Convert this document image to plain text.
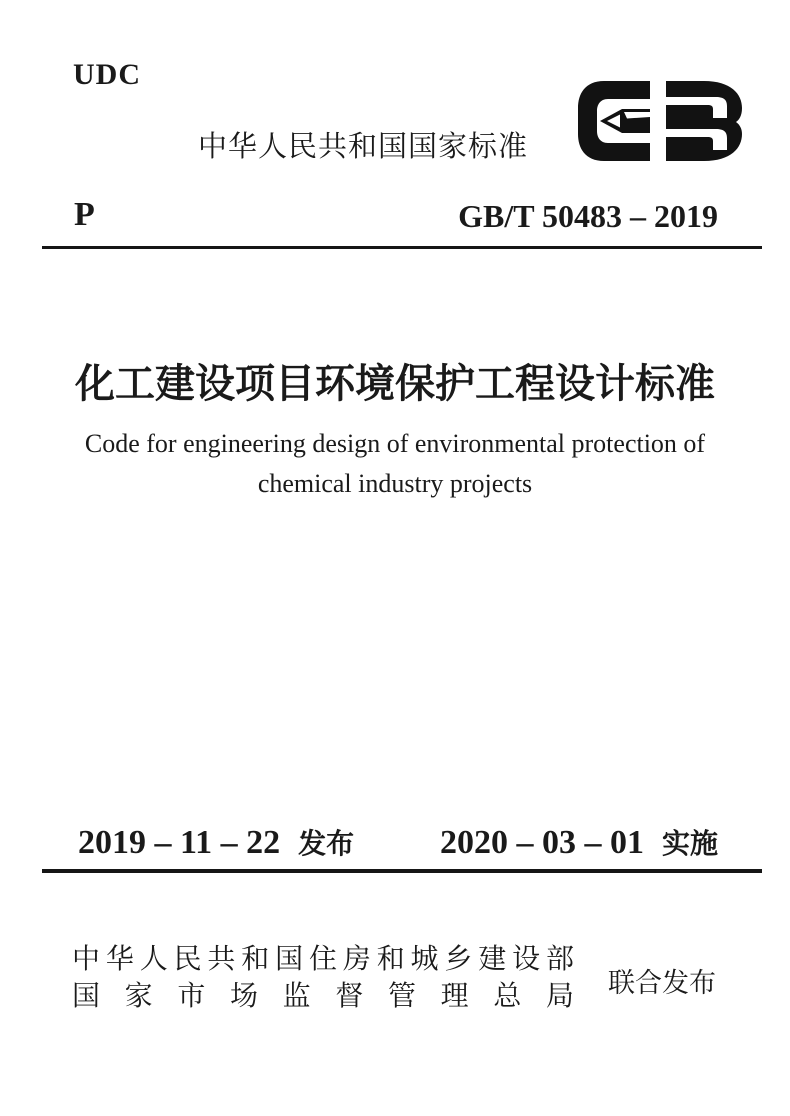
UDC
中华人民共和国国家标准
P	GB/T 50483 – 2019
化工建设项目环境保护工程设计标准
Code for engineering design of environmental protection of
chemical industry projects
2019 – 11 – 22 发布	2020 – 03 – 01 实施
中华人民共和国住房和城乡建设部
国家市场监督管理总局 联合发布
